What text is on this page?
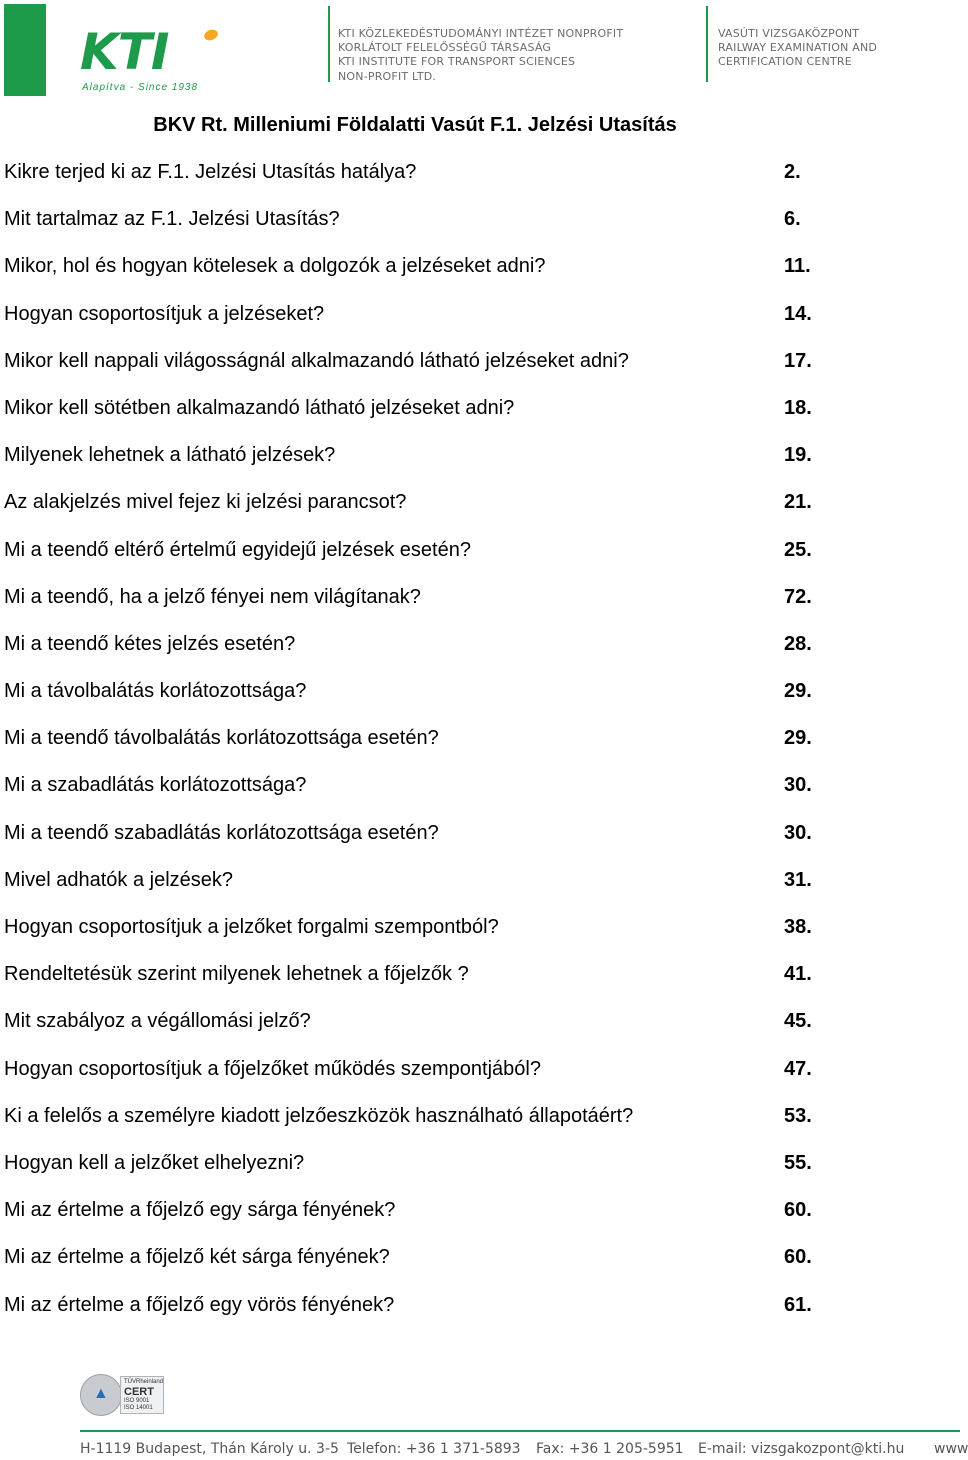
KTI
Alapítva - Since 1938
KTI KÖZLEKEDÉSTUDOMÁNYI INTÉZET NONPROFIT
KORLÁTOLT FELELŐSSÉGŰ TÁRSASÁG
KTI INSTITUTE FOR TRANSPORT SCIENCES
NON-PROFIT LTD.
VASÚTI VIZSGAKÖZPONT
RAILWAY EXAMINATION AND
CERTIFICATION CENTRE
BKV Rt. Milleniumi Földalatti Vasút F.1. Jelzési Utasítás
Kikre terjed ki az F.1. Jelzési Utasítás hatálya?	2.
Mit tartalmaz az F.1. Jelzési Utasítás?	6.
Mikor, hol és hogyan kötelesek a dolgozók a jelzéseket adni?	11.
Hogyan csoportosítjuk a jelzéseket?	14.
Mikor kell nappali világosságnál alkalmazandó látható jelzéseket adni?	17.
Mikor kell sötétben alkalmazandó látható jelzéseket adni?	18.
Milyenek lehetnek a látható jelzések?	19.
Az alakjelzés mivel fejez ki jelzési parancsot?	21.
Mi a teendő eltérő értelmű egyidejű jelzések esetén?	25.
Mi a teendő, ha a jelző fényei nem világítanak?	72.
Mi a teendő kétes jelzés esetén?	28.
Mi a távolbalátás korlátozottsága?	29.
Mi a teendő távolbalátás korlátozottsága esetén?	29.
Mi a szabadlátás korlátozottsága?	30.
Mi a teendő szabadlátás korlátozottsága esetén?	30.
Mivel adhatók a jelzések?	31.
Hogyan csoportosítjuk a jelzőket forgalmi szempontból?	38.
Rendeltetésük szerint milyenek lehetnek a főjelzők ?	41.
Mit szabályoz a végállomási jelző?	45.
Hogyan csoportosítjuk a főjelzőket működés szempontjából?	47.
Ki a felelős a személyre kiadott jelzőeszközök használható állapotáért?	53.
Hogyan kell a jelzőket elhelyezni?	55.
Mi az értelme a főjelző egy sárga fényének?	60.
Mi az értelme a főjelző két sárga fényének?	60.
Mi az értelme a főjelző egy vörös fényének?	61.
▲
TÜVRheinland
CERT
ISO 9001
ISO 14001
H-1119 Budapest, Thán Károly u. 3-5 Telefon: +36 1 371-5893 Fax: +36 1 205-5951 E-mail: vizsgakozpont@kti.hu www
